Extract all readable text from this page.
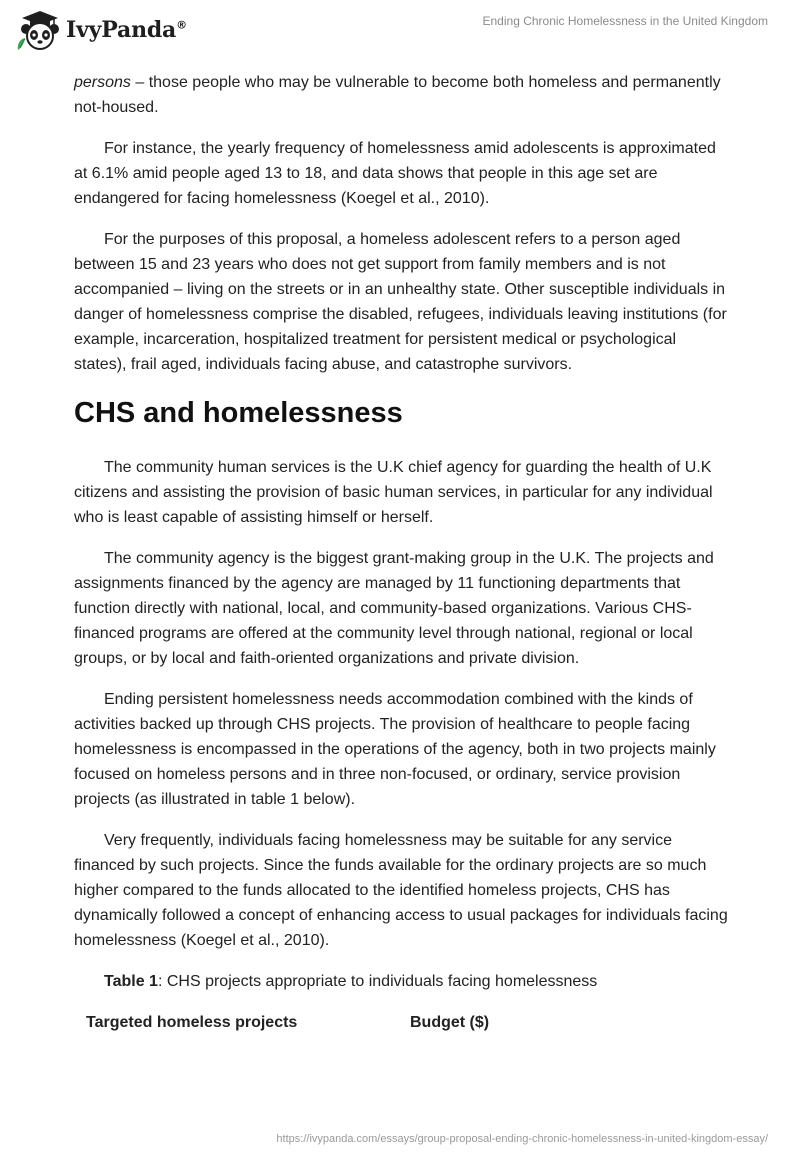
IvyPanda®	Ending Chronic Homelessness in the United Kingdom

persons – those people who may be vulnerable to become both homeless and permanently not-housed.

For instance, the yearly frequency of homelessness amid adolescents is approximated at 6.1% amid people aged 13 to 18, and data shows that people in this age set are endangered for facing homelessness (Koegel et al., 2010).

For the purposes of this proposal, a homeless adolescent refers to a person aged between 15 and 23 years who does not get support from family members and is not accompanied – living on the streets or in an unhealthy state. Other susceptible individuals in danger of homelessness comprise the disabled, refugees, individuals leaving institutions (for example, incarceration, hospitalized treatment for persistent medical or psychological states), frail aged, individuals facing abuse, and catastrophe survivors.

CHS and homelessness

The community human services is the U.K chief agency for guarding the health of U.K citizens and assisting the provision of basic human services, in particular for any individual who is least capable of assisting himself or herself.

The community agency is the biggest grant-making group in the U.K. The projects and assignments financed by the agency are managed by 11 functioning departments that function directly with national, local, and community-based organizations. Various CHS-financed programs are offered at the community level through national, regional or local groups, or by local and faith-oriented organizations and private division.

Ending persistent homelessness needs accommodation combined with the kinds of activities backed up through CHS projects. The provision of healthcare to people facing homelessness is encompassed in the operations of the agency, both in two projects mainly focused on homeless persons and in three non-focused, or ordinary, service provision projects (as illustrated in table 1 below).

Very frequently, individuals facing homelessness may be suitable for any service financed by such projects. Since the funds available for the ordinary projects are so much higher compared to the funds allocated to the identified homeless projects, CHS has dynamically followed a concept of enhancing access to usual packages for individuals facing homelessness (Koegel et al., 2010).

Table 1: CHS projects appropriate to individuals facing homelessness

Targeted homeless projects	Budget ($)
https://ivypanda.com/essays/group-proposal-ending-chronic-homelessness-in-united-kingdom-essay/
